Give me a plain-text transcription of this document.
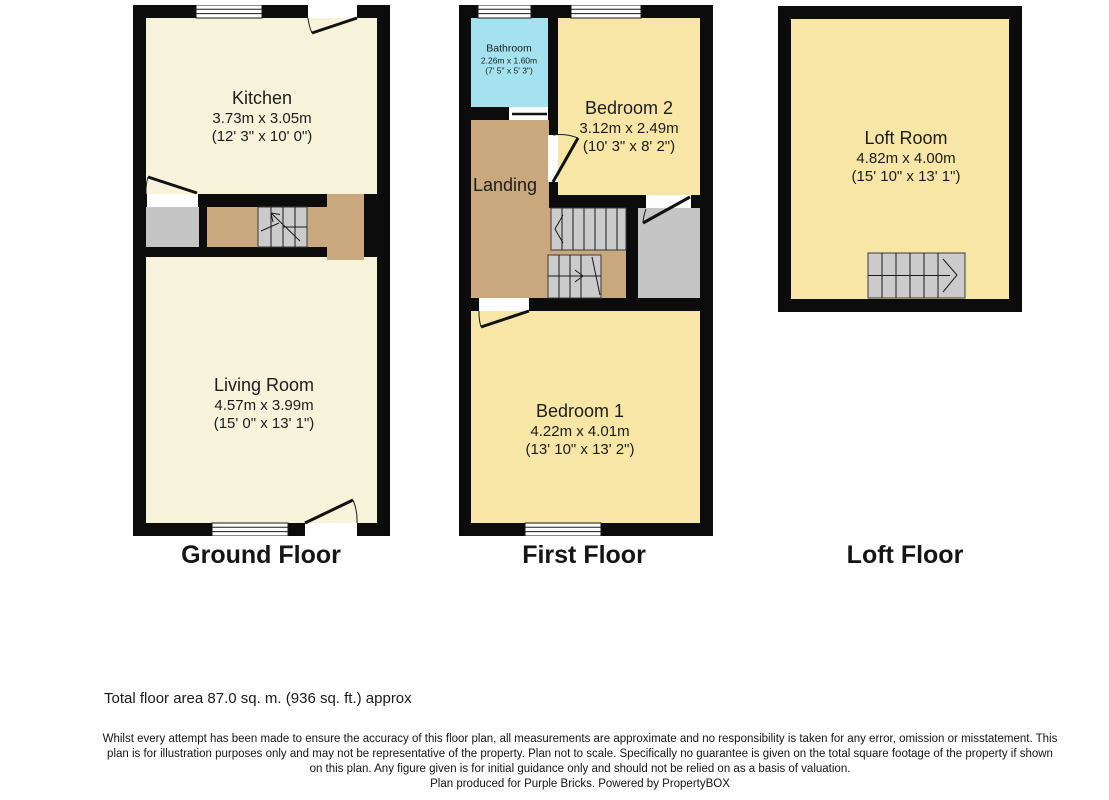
Kitchen
3.73m x 3.05m
(12' 3" x 10' 0")
Living Room
4.57m x 3.99m
(15' 0" x 13' 1")
Bathroom
2.26m x 1.60m
(7' 5" x 5' 3")
Bedroom 2
3.12m x 2.49m
(10' 3" x 8' 2")
Landing
Bedroom 1
4.22m x 4.01m
(13' 10" x 13' 2")
Loft Room
4.82m x 4.00m
(15' 10" x 13' 1")
Ground Floor	First Floor	Loft Floor
Total floor area 87.0 sq. m. (936 sq. ft.) approx
Whilst every attempt has been made to ensure the accuracy of this floor plan, all measurements are approximate and no responsibility is taken for any error, omission or misstatement. This plan is for illustration purposes only and may not be representative of the property. Plan not to scale. Specifically no guarantee is given on the total square footage of the property if shown on this plan. Any figure given is for initial guidance only and should not be relied on as a basis of valuation.
Plan produced for Purple Bricks. Powered by PropertyBOX
